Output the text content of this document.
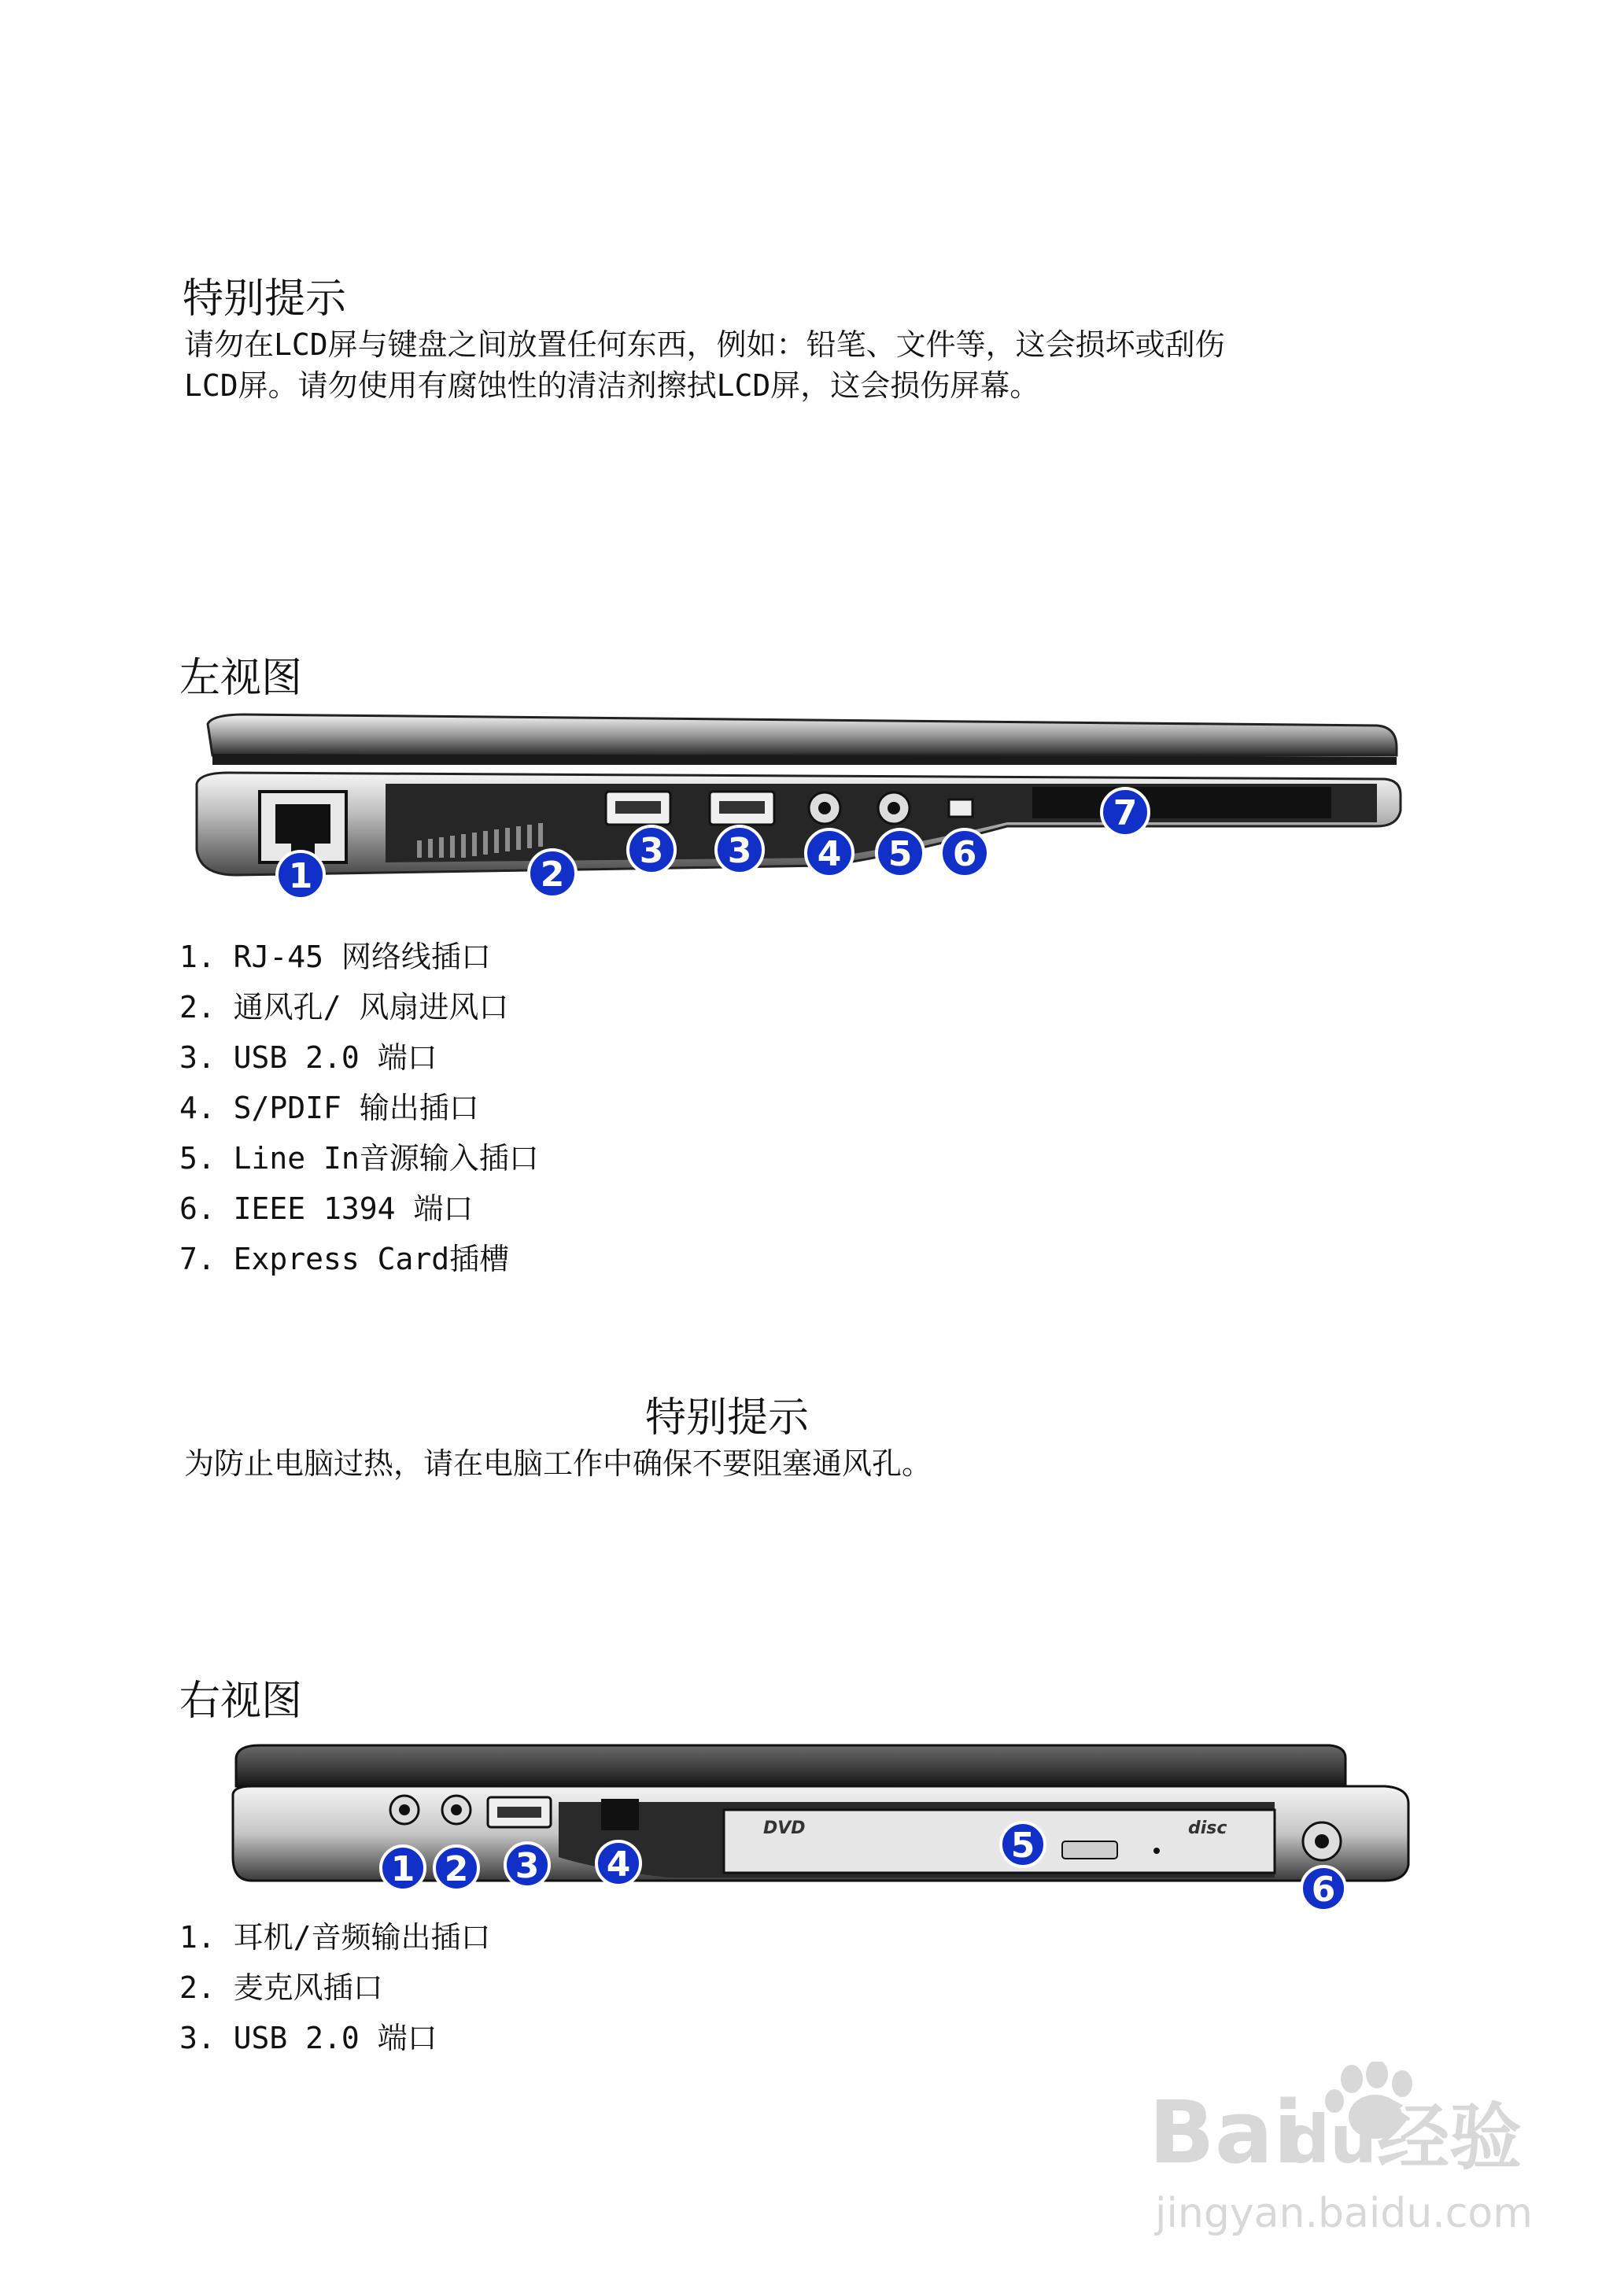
特别提示
请勿在LCD屏与键盘之间放置任何东西，例如：铅笔、文件等，这会损坏或刮伤
LCD屏。请勿使用有腐蚀性的清洁剂擦拭LCD屏，这会损伤屏幕。
左视图
1	2
3 3 4 5 6
7
1. RJ-45 网络线插口
2. 通风孔/ 风扇进风口
3. USB 2.0 端口
4. S/PDIF 输出插口
5. Line In音源输入插口
6. IEEE 1394 端口
7. Express Card插槽
特别提示
为防止电脑过热，请在电脑工作中确保不要阻塞通风孔。
右视图
DVD	disc
1 2 3 4	5
6
1. 耳机/音频输出插口
2. 麦克风插口
3. USB 2.0 端口
Bai
du 经验
jingyan.baidu.com
